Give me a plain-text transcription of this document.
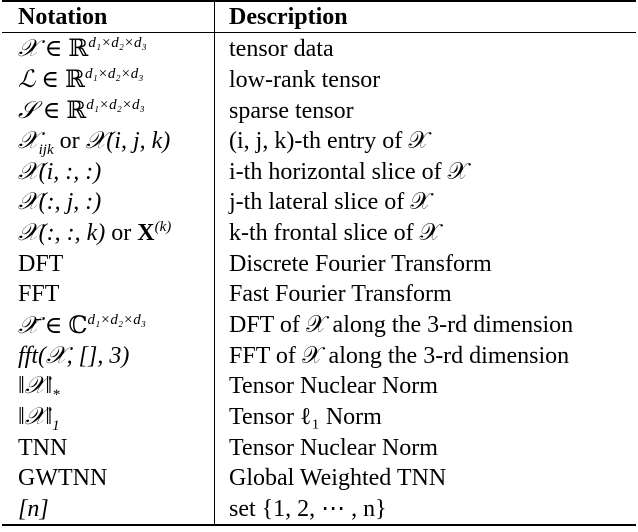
Notation	Description
𝒳 ∈ ℝ$^{d_1\times d_2\times d_3}$	tensor data
ℒ ∈ ℝ$^{d_1\times d_2\times d_3}$	low-rank tensor
𝒮 ∈ ℝ$^{d_1\times d_2\times d_3}$	sparse tensor
𝒳$_{ijk}$ or 𝒳(i, j, k)	(i, j, k)-th entry of 𝒳
𝒳(i, :, :)	i-th horizontal slice of 𝒳
𝒳(:, j, :)	j-th lateral slice of 𝒳
𝒳(:, :, k) or $X^{(k)}$	k-th frontal slice of 𝒳
DFT	Discrete Fourier Transform
FFT	Fast Fourier Transform
𝒳̄ ∈ ℂ$^{d_1\times d_2\times d_3}$	DFT of 𝒳 along the 3-rd dimension
fft(𝒳, [], 3)	FFT of 𝒳 along the 3-rd dimension
$‖𝒳‖_*$	Tensor Nuclear Norm
$‖𝒳‖_1$	Tensor ℓ₁ Norm
TNN	Tensor Nuclear Norm
GWTNN	Global Weighted TNN
[n]	set {1, 2, ⋯ , n}
